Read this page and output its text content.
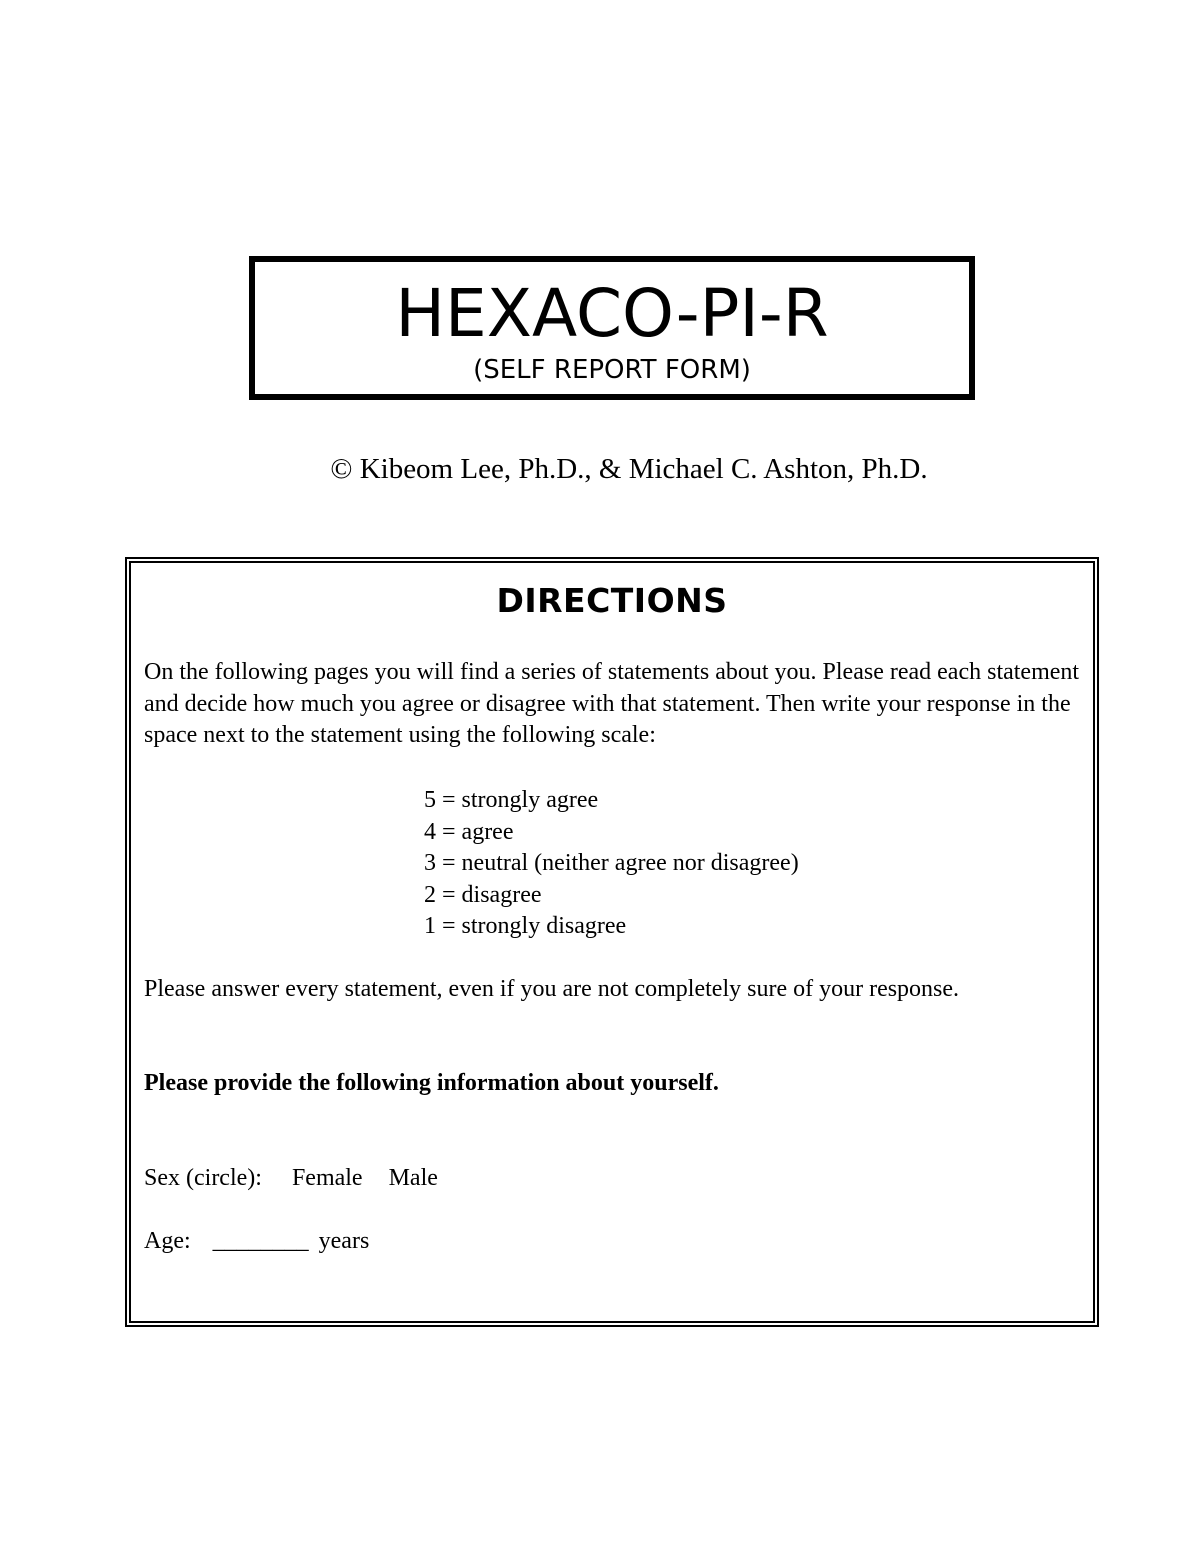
HEXACO-PI-R
(SELF REPORT FORM)
© Kibeom Lee, Ph.D., & Michael C. Ashton, Ph.D.
DIRECTIONS

On the following pages you will find a series of statements about you. Please read each statement and decide how much you agree or disagree with that statement. Then write your response in the space next to the statement using the following scale:

5 = strongly agree
4 = agree
3 = neutral (neither agree nor disagree)
2 = disagree
1 = strongly disagree
Please answer every statement, even if you are not completely sure of your response.
Please provide the following information about yourself.
Sex (circle): Female Male
Age: ________ years
